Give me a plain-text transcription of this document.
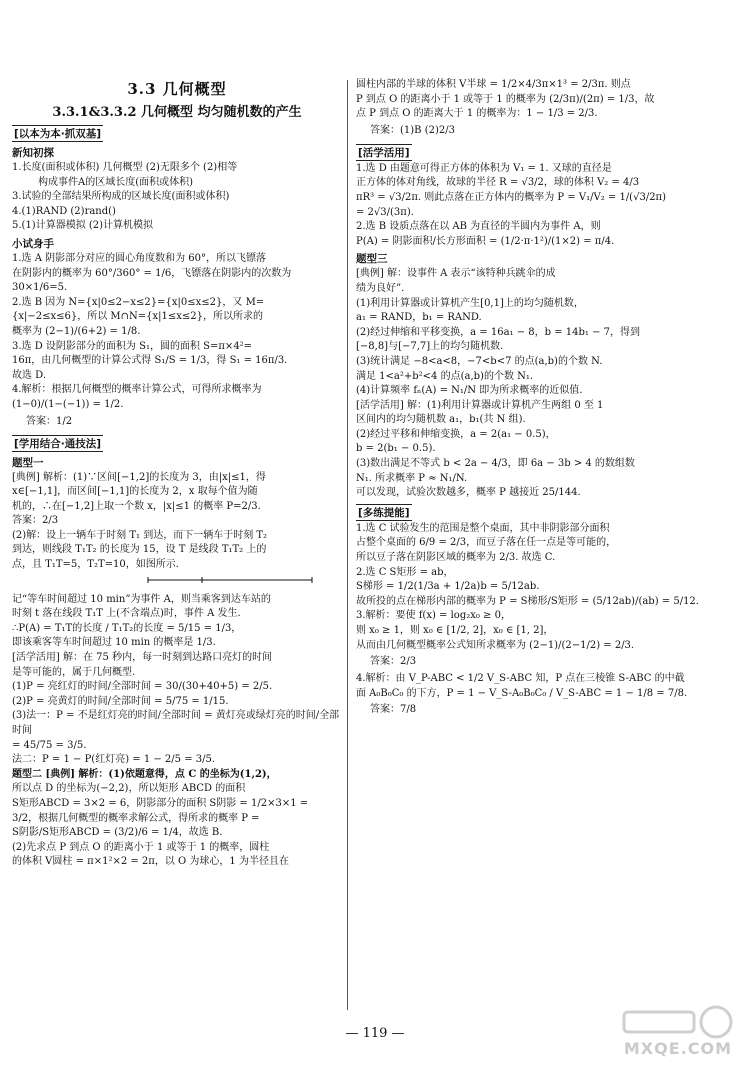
3.3 几何概型
3.3.1&3.3.2 几何概型 均匀随机数的产生
[以本为本·抓双基]
新知初探

1.长度(面积或体积) 几何概型 (2)无限多个 (2)相等

构成事件A的区域长度(面积或体积)

3.试验的全部结果所构成的区域长度(面积或体积)

4.(1)RAND (2)rand()

5.(1)计算器模拟 (2)计算机模拟

小试身手

1.选 A 阴影部分对应的圆心角度数和为 60°，所以飞镖落

在阴影内的概率为 60°/360° = 1/6，飞镖落在阴影内的次数为

30×1/6=5.

2.选 B 因为 N={x|0≤2−x≤2}={x|0≤x≤2}，又 M=

{x|−2≤x≤6}，所以 M∩N={x|1≤x≤2}，所以所求的

概率为 (2−1)/(6+2) = 1/8.

3.选 D 设阴影部分的面积为 S₁，圆的面积 S=π×4²=

16π，由几何概型的计算公式得 S₁/S = 1/3，得 S₁ = 16π/3.

故选 D.

4.解析：根据几何概型的概率计算公式，可得所求概率为

(1−0)/(1−(−1)) = 1/2.

答案：1/2
[学用结合·通技法]
题型一

[典例] 解析：(1)∵区间[−1,2]的长度为 3，由|x|≤1，得

x∈[−1,1]，而区间[−1,1]的长度为 2，x 取每个值为随

机的，∴在[−1,2]上取一个数 x，|x|≤1 的概率 P=2/3.

答案：2/3

(2)解：设上一辆车于时刻 T₁ 到达，而下一辆车于时刻 T₂

到达，则线段 T₁T₂ 的长度为 15，设 T 是线段 T₁T₂ 上的

点，且 T₁T=5，T₂T=10，如图所示.

记“等车时间超过 10 min”为事件 A，则当乘客到达车站的

时刻 t 落在线段 T₁T 上(不含端点)时，事件 A 发生.

∴P(A) = T₁T的长度 / T₁T₂的长度 = 5/15 = 1/3，

即该乘客等车时间超过 10 min 的概率是 1/3.

[活学活用] 解：在 75 秒内，每一时刻到达路口亮灯的时间

是等可能的，属于几何概型.

(1)P = 亮红灯的时间/全部时间 = 30/(30+40+5) = 2/5.

(2)P = 亮黄灯的时间/全部时间 = 5/75 = 1/15.

(3)法一：P = 不是红灯亮的时间/全部时间 = 黄灯亮或绿灯亮的时间/全部时间

= 45/75 = 3/5.

法二：P = 1 − P(红灯亮) = 1 − 2/5 = 3/5.

题型二 [典例] 解析：(1)依题意得，点 C 的坐标为(1,2)，

所以点 D 的坐标为(−2,2)，所以矩形 ABCD 的面积

S矩形ABCD = 3×2 = 6，阴影部分的面积 S阴影 = 1/2×3×1 =

3/2，根据几何概型的概率求解公式，得所求的概率 P =

S阴影/S矩形ABCD = (3/2)/6 = 1/4，故选 B.

(2)先求点 P 到点 O 的距离小于 1 或等于 1 的概率，圆柱

的体积 V圆柱 = π×1²×2 = 2π，以 O 为球心，1 为半径且在

圆柱内部的半球的体积 V半球 = 1/2×4/3π×1³ = 2/3π. 则点

P 到点 O 的距离小于 1 或等于 1 的概率为 (2/3π)/(2π) = 1/3，故

点 P 到点 O 的距离大于 1 的概率为：1 − 1/3 = 2/3.

答案：(1)B (2)2/3
[活学活用]

1.选 D 由题意可得正方体的体积为 V₁ = 1. 又球的直径是

正方体的体对角线，故球的半径 R = √3/2，球的体积 V₂ = 4/3

πR³ = √3/2π. 则此点落在正方体内的概率为 P = V₁/V₂ = 1/(√3/2π)

= 2√3/(3π).

2.选 B 设质点落在以 AB 为直径的半圆内为事件 A，则

P(A) = 阴影面积/长方形面积 = (1/2·π·1²)/(1×2) = π/4.

题型三

[典例] 解：设事件 A 表示“该特种兵跳伞的成

绩为良好”.

(1)利用计算器或计算机产生[0,1]上的均匀随机数，

a₁ = RAND，b₁ = RAND.

(2)经过伸缩和平移变换，a = 16a₁ − 8，b = 14b₁ − 7，得到

[−8,8]与[−7,7]上的均匀随机数.

(3)统计满足 −8<a<8，−7<b<7 的点(a,b)的个数 N.

满足 1<a²+b²<4 的点(a,b)的个数 N₁.

(4)计算频率 fₙ(A) = N₁/N 即为所求概率的近似值.

[活学活用] 解：(1)利用计算器或计算机产生两组 0 至 1

区间内的均匀随机数 a₁，b₁(共 N 组).

(2)经过平移和伸缩变换，a = 2(a₁ − 0.5)，

b = 2(b₁ − 0.5).

(3)数出满足不等式 b < 2a − 4/3，即 6a − 3b > 4 的数组数

N₁. 所求概率 P ≈ N₁/N.

可以发现，试验次数越多，概率 P 越接近 25/144.

[多练提能]

1.选 C 试验发生的范围是整个桌面，其中非阴影部分面积

占整个桌面的 6/9 = 2/3，而豆子落在任一点是等可能的，

所以豆子落在阴影区域的概率为 2/3. 故选 C.

2.选 C S矩形 = ab，

S梯形 = 1/2(1/3a + 1/2a)b = 5/12ab.

故所投的点在梯形内部的概率为 P = S梯形/S矩形 = (5/12ab)/(ab) = 5/12.

3.解析：要使 f(x) = log₂x₀ ≥ 0，

则 x₀ ≥ 1，则 x₀ ∈ [1/2, 2]，x₀ ∈ [1, 2]，

从而由几何概型概率公式知所求概率为 (2−1)/(2−1/2) = 2/3.

答案：2/3

4.解析：由 V_P-ABC < 1/2 V_S-ABC 知，P 点在三棱锥 S-ABC 的中截

面 A₀B₀C₀ 的下方，P = 1 − V_S-A₀B₀C₀ / V_S-ABC = 1 − 1/8 = 7/8.

答案：7/8
— 119 —
MXQE.COM
